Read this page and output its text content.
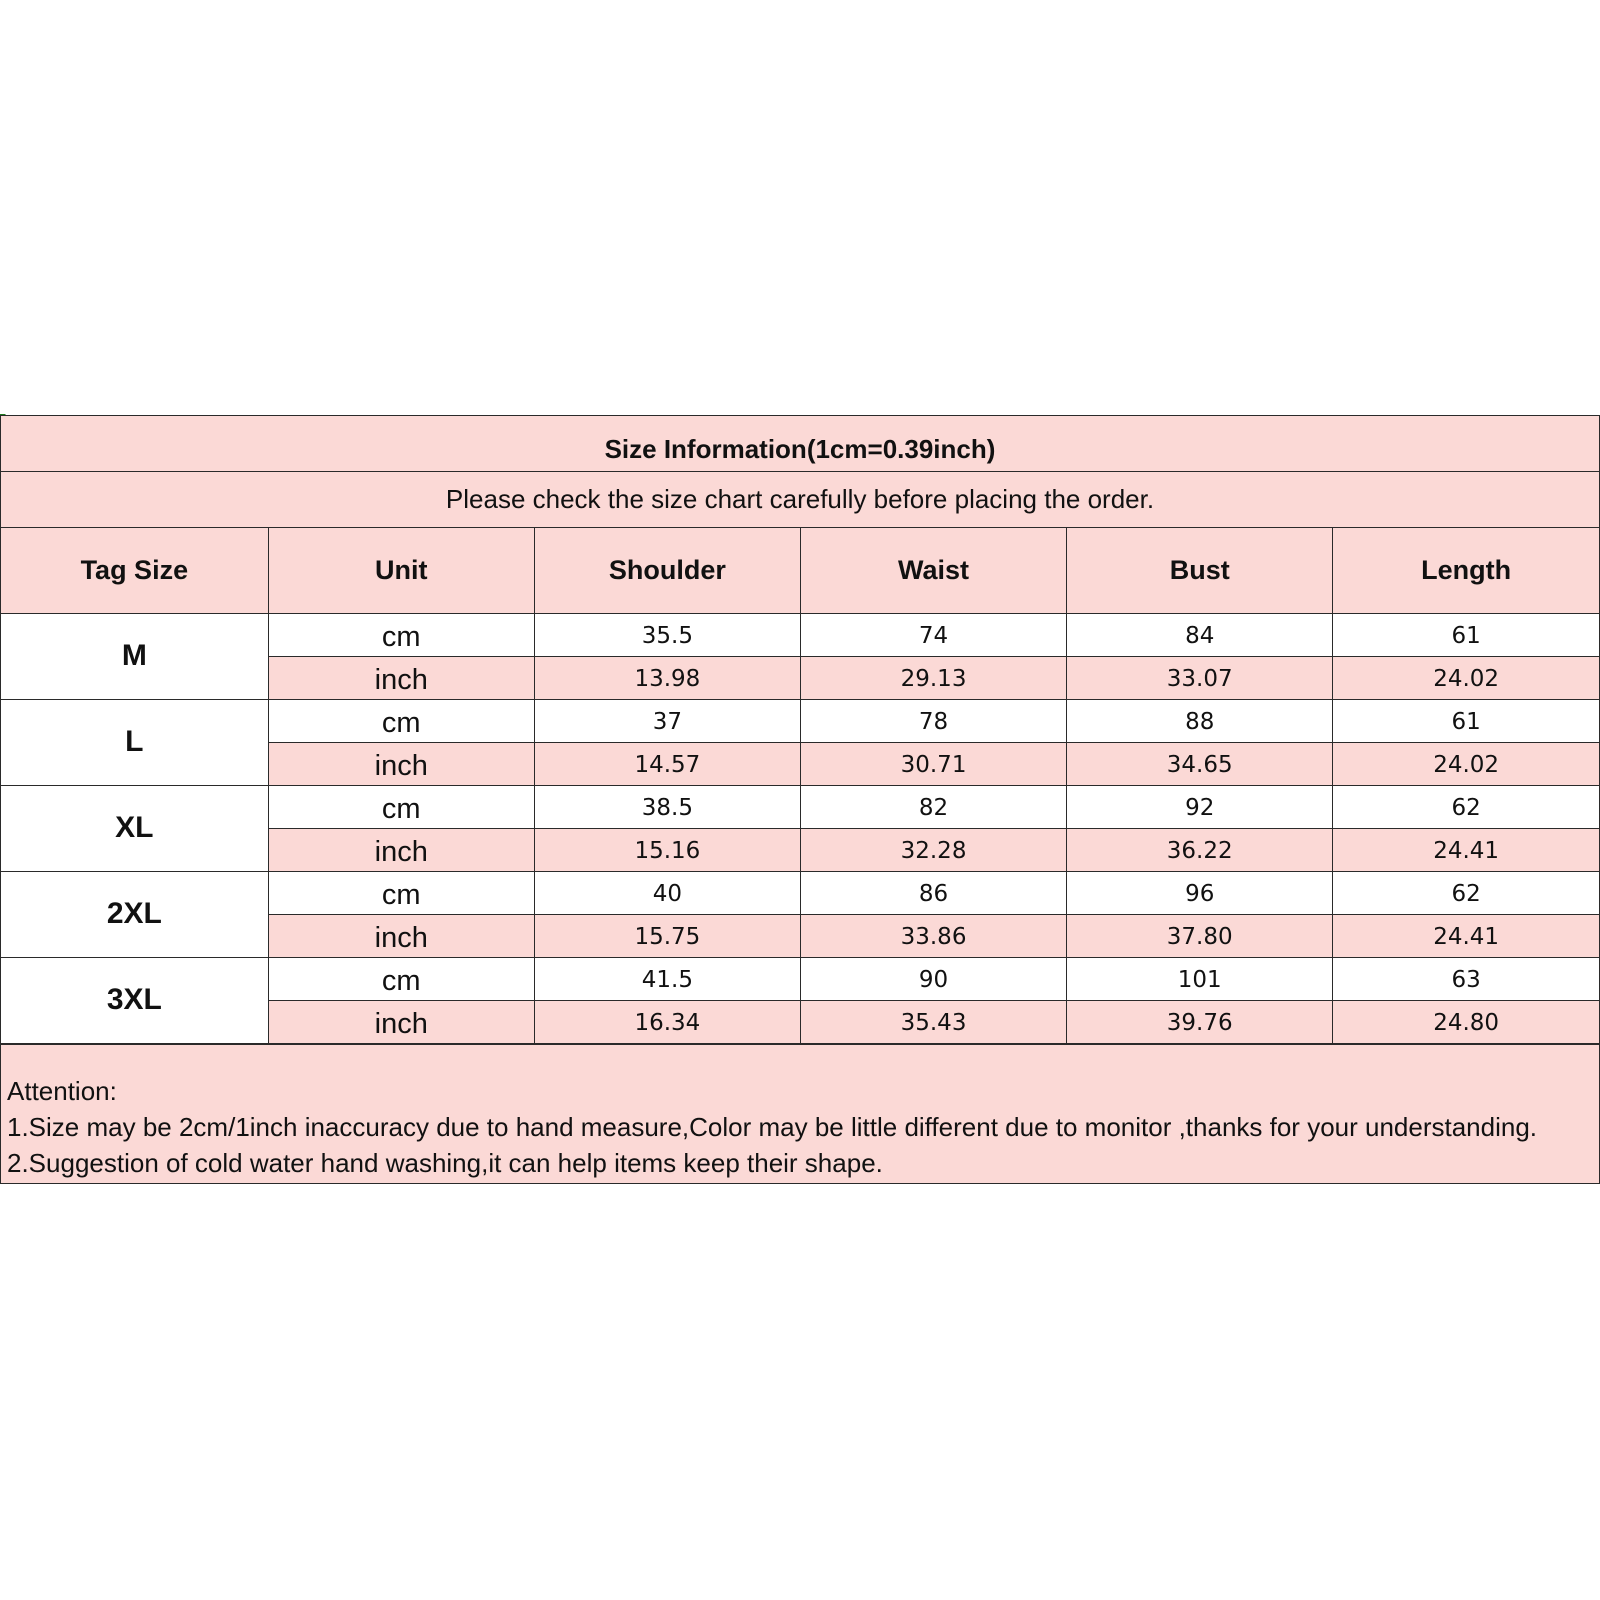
Size Information(1cm=0.39inch)
Please check the size chart carefully before placing the order.
Tag Size	Unit	Shoulder	Waist	Bust	Length
M	cm	35.5	74	84	61
	inch	13.98	29.13	33.07	24.02
L	cm	37	78	88	61
	inch	14.57	30.71	34.65	24.02
XL	cm	38.5	82	92	62
	inch	15.16	32.28	36.22	24.41
2XL	cm	40	86	96	62
	inch	15.75	33.86	37.80	24.41
3XL	cm	41.5	90	101	63
	inch	16.34	35.43	39.76	24.80
Attention:
1.Size may be 2cm/1inch inaccuracy due to hand measure,Color may be little different due to monitor ,thanks for your understanding.
2.Suggestion of cold water hand washing,it can help items keep their shape.
